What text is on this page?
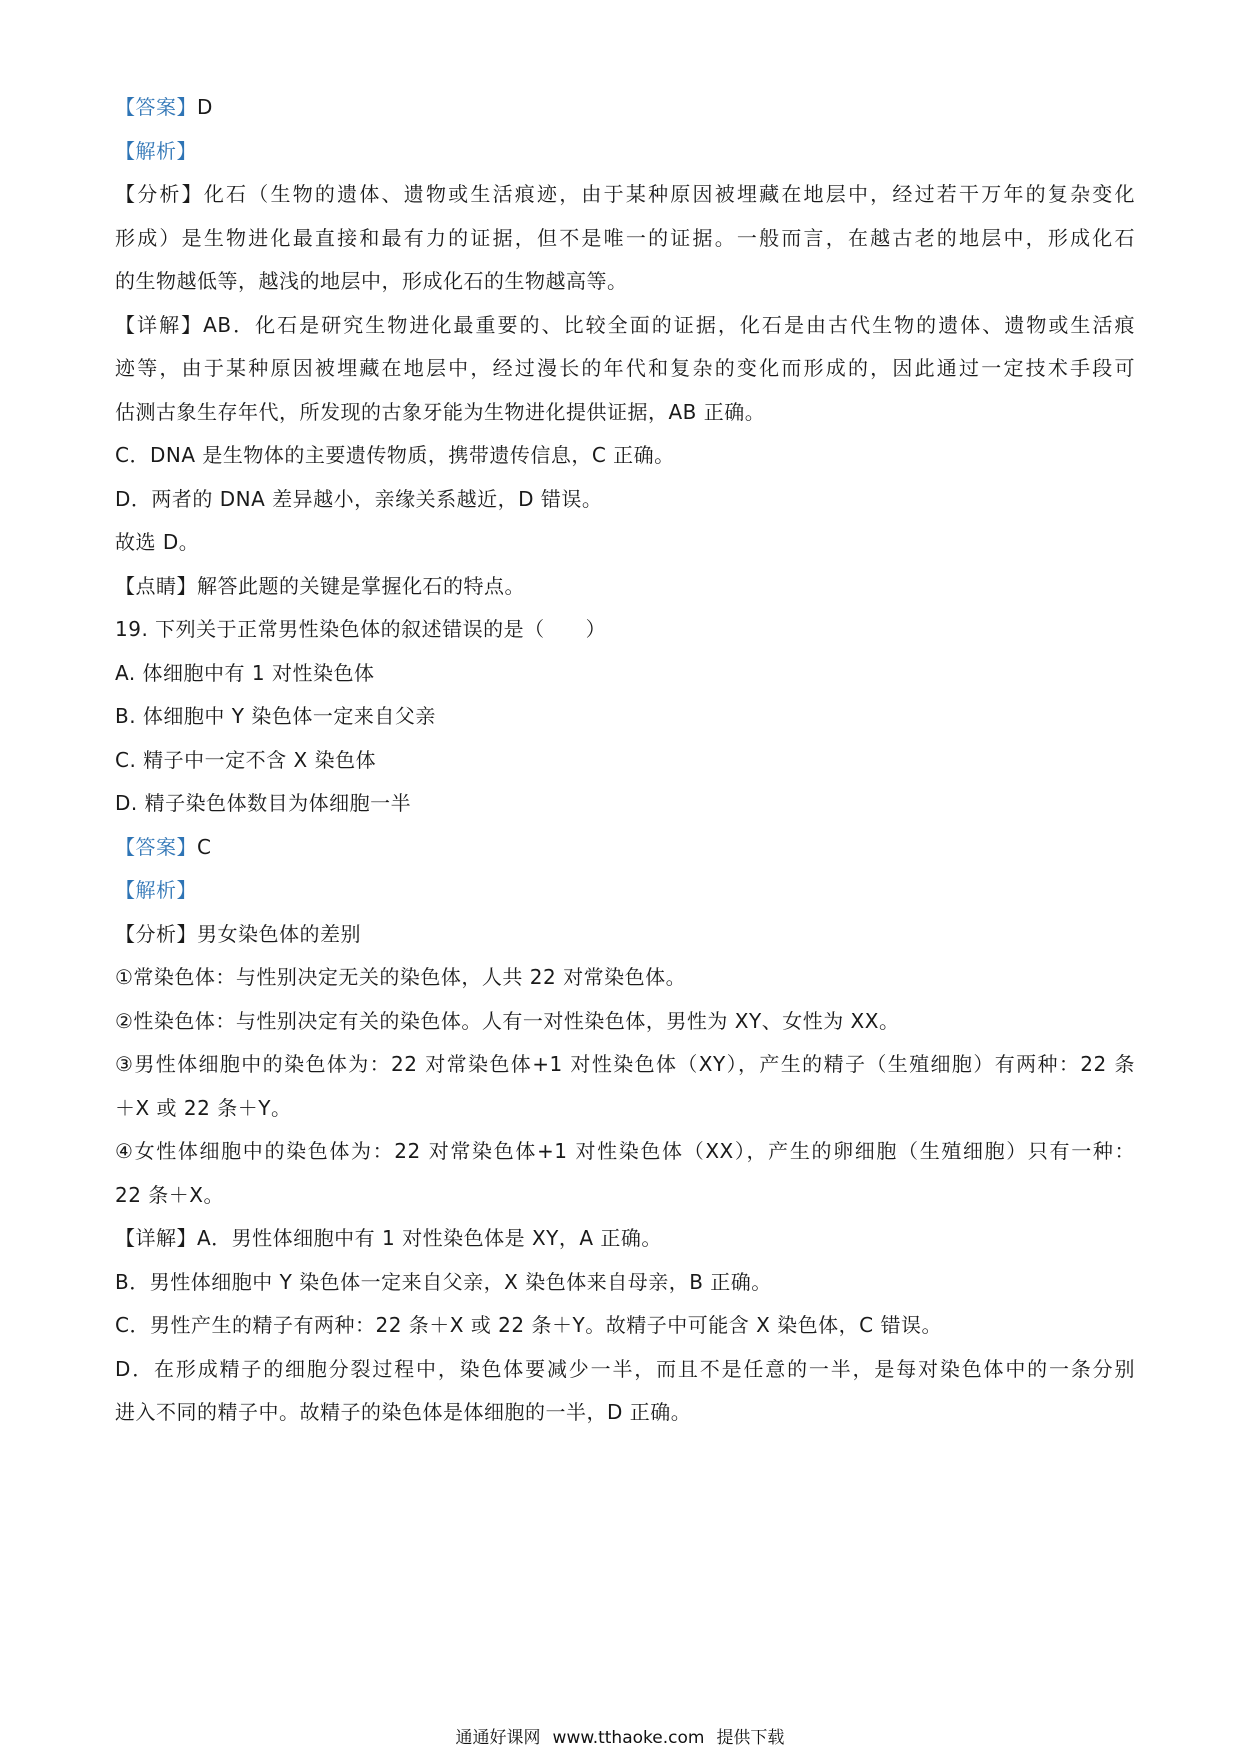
【答案】D
【解析】
【分析】化石（生物的遗体、遗物或生活痕迹，由于某种原因被埋藏在地层中，经过若干万年的复杂变化
形成）是生物进化最直接和最有力的证据，但不是唯一的证据。一般而言，在越古老的地层中，形成化石
的生物越低等，越浅的地层中，形成化石的生物越高等。
【详解】AB．化石是研究生物进化最重要的、比较全面的证据，化石是由古代生物的遗体、遗物或生活痕
迹等，由于某种原因被埋藏在地层中，经过漫长的年代和复杂的变化而形成的，因此通过一定技术手段可
估测古象生存年代，所发现的古象牙能为生物进化提供证据，AB 正确。
C．DNA 是生物体的主要遗传物质，携带遗传信息，C 正确。
D．两者的 DNA 差异越小，亲缘关系越近，D 错误。
故选 D。
【点睛】解答此题的关键是掌握化石的特点。
19. 下列关于正常男性染色体的叙述错误的是（　　）
A. 体细胞中有 1 对性染色体
B. 体细胞中 Y 染色体一定来自父亲
C. 精子中一定不含 X 染色体
D. 精子染色体数目为体细胞一半
【答案】C
【解析】
【分析】男女染色体的差别
①常染色体：与性别决定无关的染色体，人共 22 对常染色体。
②性染色体：与性别决定有关的染色体。人有一对性染色体，男性为 XY、女性为 XX。
③男性体细胞中的染色体为：22 对常染色体+1 对性染色体（XY），产生的精子（生殖细胞）有两种：22 条
＋X 或 22 条＋Y。
④女性体细胞中的染色体为：22 对常染色体+1 对性染色体（XX），产生的卵细胞（生殖细胞）只有一种：
22 条＋X。
【详解】A．男性体细胞中有 1 对性染色体是 XY，A 正确。
B．男性体细胞中 Y 染色体一定来自父亲，X 染色体来自母亲，B 正确。
C．男性产生的精子有两种：22 条＋X 或 22 条＋Y。故精子中可能含 X 染色体，C 错误。
D．在形成精子的细胞分裂过程中，染色体要减少一半，而且不是任意的一半，是每对染色体中的一条分别
进入不同的精子中。故精子的染色体是体细胞的一半，D 正确。
通通好课网 www.tthaoke.com 提供下载
